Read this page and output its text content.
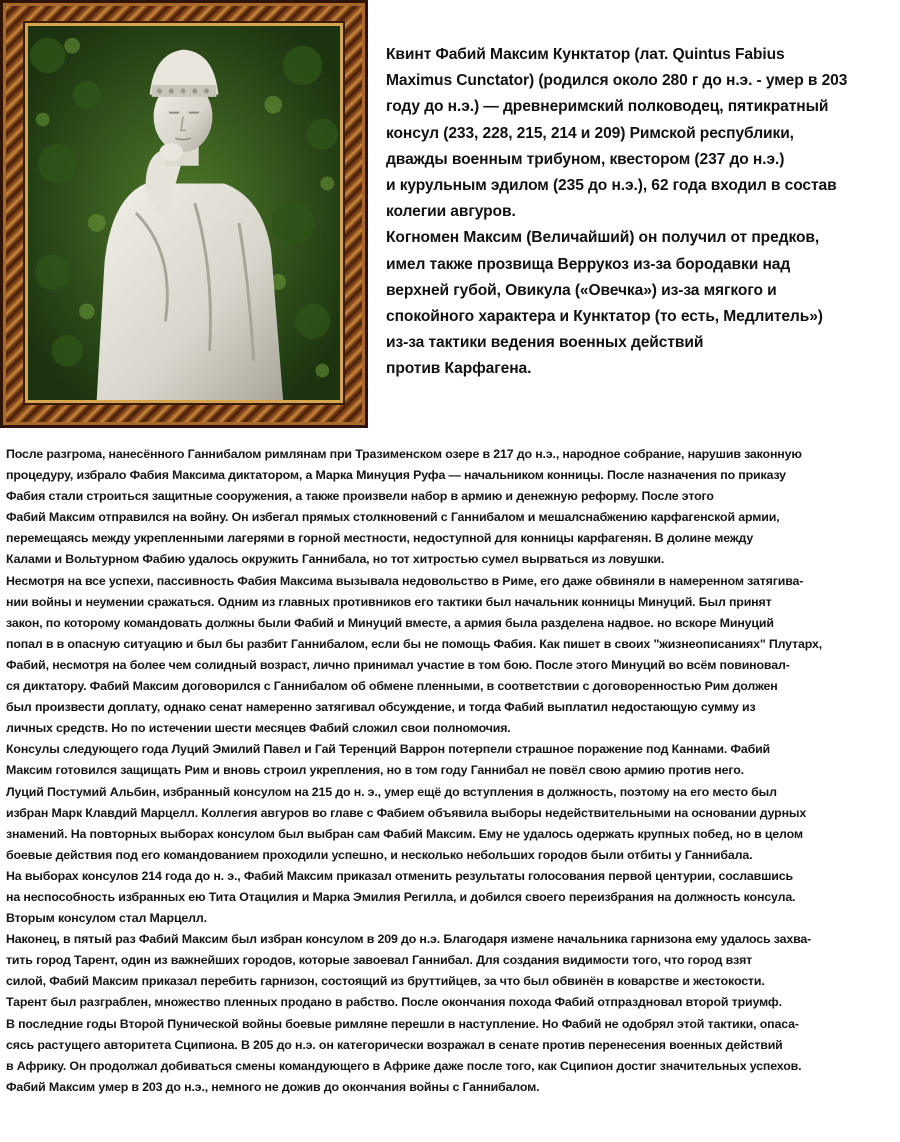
Квинт Фабий Максим Кунктатор (лат. Quintus Fabius
Maximus Cunctator) (родился около 280 г до н.э. - умер в 203
году до н.э.) — древнеримский полководец, пятикратный
консул (233, 228, 215, 214 и 209) Римской республики,
дважды военным трибуном, квестором (237 до н.э.)
и курульным эдилом (235 до н.э.), 62 года входил в состав
колегии авгуров.
Когномен Максим (Величайший) он получил от предков,
имел также прозвища Веррукоз из-за бородавки над
верхней губой, Овикула («Овечка») из-за мягкого и
спокойного характера и Кунктатор (то есть, Медлитель»)
из-за тактики ведения военных действий
против Карфагена.
После разгрома, нанесённого Ганнибалом римлянам при Тразименском озере в 217 до н.э., народное собрание, нарушив законную
процедуру, избрало Фабия Максима диктатором, а Марка Минуция Руфа — начальником конницы. После назначения по приказу
Фабия стали строиться защитные сооружения, а также произвели набор в армию и денежную реформу. После этого
Фабий Максим отправился на войну. Он избегал прямых столкновений с Ганнибалом и мешалснабжению карфагенской армии,
перемещаясь между укрепленными лагерями в горной местности, недоступной для конницы карфагенян. В долине между
Калами и Вольтурном Фабию удалось окружить Ганнибала, но тот хитростью сумел вырваться из ловушки.
Несмотря на все успехи, пассивность Фабия Максима вызывала недовольство в Риме, его даже обвиняли в намеренном затягива-
нии войны и неумении сражаться. Одним из главных противников его тактики был начальник конницы Минуций. Был принят
закон, по которому командовать должны были Фабий и Минуций вместе, а армия была разделена надвое. но вскоре Минуций
попал в в опасную ситуацию и был бы разбит Ганнибалом, если бы не помощь Фабия. Как пишет в своих "жизнеописаниях" Плутарх,
Фабий, несмотря на более чем солидный возраст, лично принимал участие в том бою. После этого Минуций во всём повиновал-
ся диктатору. Фабий Максим договорился с Ганнибалом об обмене пленными, в соответствии с договоренностью Рим должен
был произвести доплату, однако сенат намеренно затягивал обсуждение, и тогда Фабий выплатил недостающую сумму из
личных средств. Но по истечении шести месяцев Фабий сложил свои полномочия.
Консулы следующего года Луций Эмилий Павел и Гай Теренций Варрон потерпели страшное поражение под Каннами. Фабий
Максим готовился защищать Рим и вновь строил укрепления, но в том году Ганнибал не повёл свою армию против него.
Луций Постумий Альбин, избранный консулом на 215 до н. э., умер ещё до вступления в должность, поэтому на его место был
избран Марк Клавдий Марцелл. Коллегия авгуров во главе с Фабием объявила выборы недействительными на основании дурных
знамений. На повторных выборах консулом был выбран сам Фабий Максим. Ему не удалось одержать крупных побед, но в целом
боевые действия под его командованием проходили успешно, и несколько небольших городов были отбиты у Ганнибала.
На выборах консулов 214 года до н. э., Фабий Максим приказал отменить результаты голосования первой центурии, сославшись
на неспособность избранных ею Тита Отацилия и Марка Эмилия Регилла, и добился своего переизбрания на должность консула.
Вторым консулом стал Марцелл.
Наконец, в пятый раз Фабий Максим был избран консулом в 209 до н.э. Благодаря измене начальника гарнизона ему удалось захва-
тить город Тарент, один из важнейших городов, которые завоевал Ганнибал. Для создания видимости того, что город взят
силой, Фабий Максим приказал перебить гарнизон, состоящий из бруттийцев, за что был обвинён в коварстве и жестокости.
Тарент был разграблен, множество пленных продано в рабство. После окончания похода Фабий отпраздновал второй триумф.
В последние годы Второй Пунической войны боевые римляне перешли в наступление. Но Фабий не одобрял этой тактики, опаса-
сясь растущего авторитета Сципиона. В 205 до н.э. он категорически возражал в сенате против перенесения военных действий
в Африку. Он продолжал добиваться смены командующего в Африке даже после того, как Сципион достиг значительных успехов.
Фабий Максим умер в 203 до н.э., немного не дожив до окончания войны с Ганнибалом.
